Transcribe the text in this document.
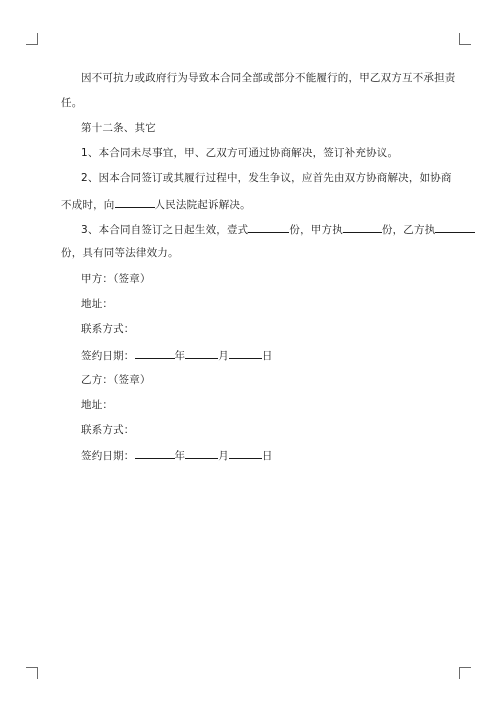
因不可抗力或政府行为导致本合同全部或部分不能履行的，甲乙双方互不承担责
任。
第十二条、其它
1、本合同未尽事宜，甲、乙双方可通过协商解决，签订补充协议。
2、因本合同签订或其履行过程中，发生争议，应首先由双方协商解决，如协商
不成时，向	人民法院起诉解决。
3、本合同自签订之日起生效，壹式	份，甲方执	份，乙方执
份，具有同等法律效力。
甲方：（签章）
地址：
联系方式：
签约日期：	年	月	日
乙方：（签章）
地址：
联系方式：
签约日期：	年	月	日
